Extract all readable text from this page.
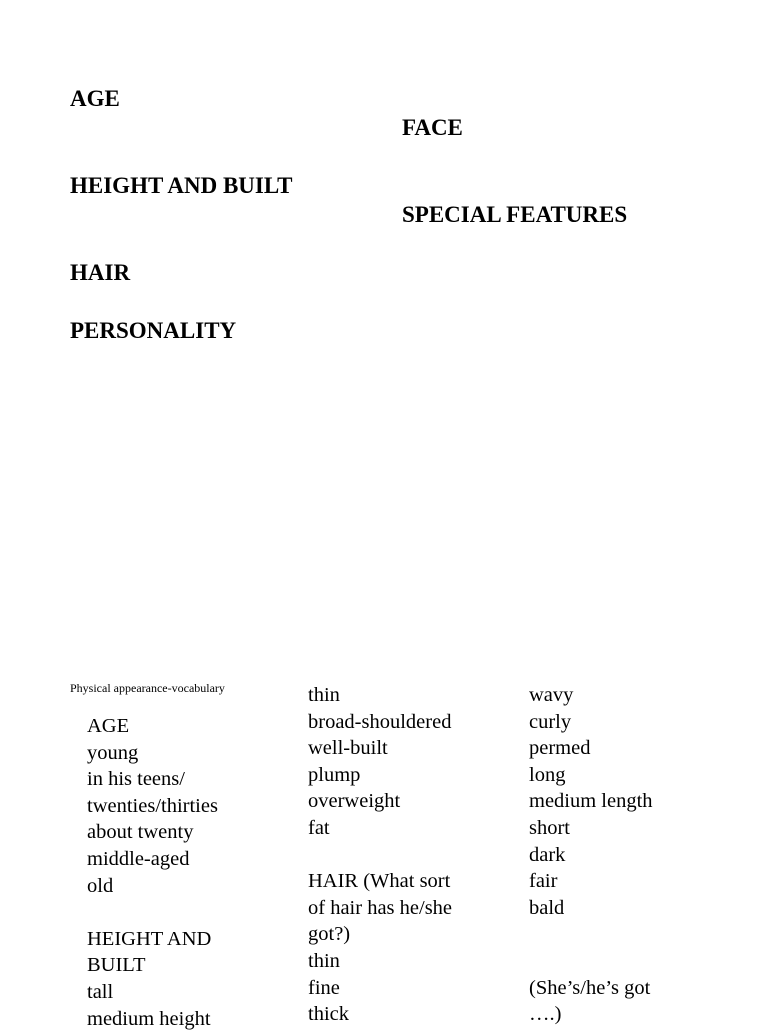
AGE
FACE
HEIGHT AND BUILT
SPECIAL FEATURES
HAIR
PERSONALITY
Physical appearance-vocabulary
AGE
young
in his teens/
twenties/thirties
about twenty
middle-aged
old
HEIGHT AND
BUILT
tall
medium height
thin
broad-shouldered
well-built
plump
overweight
fat
HAIR (What sort
of hair has he/she
got?)
thin
fine
thick
wavy
curly
permed
long
medium length
short
dark
fair
bald
(She’s/he’s got
….)
